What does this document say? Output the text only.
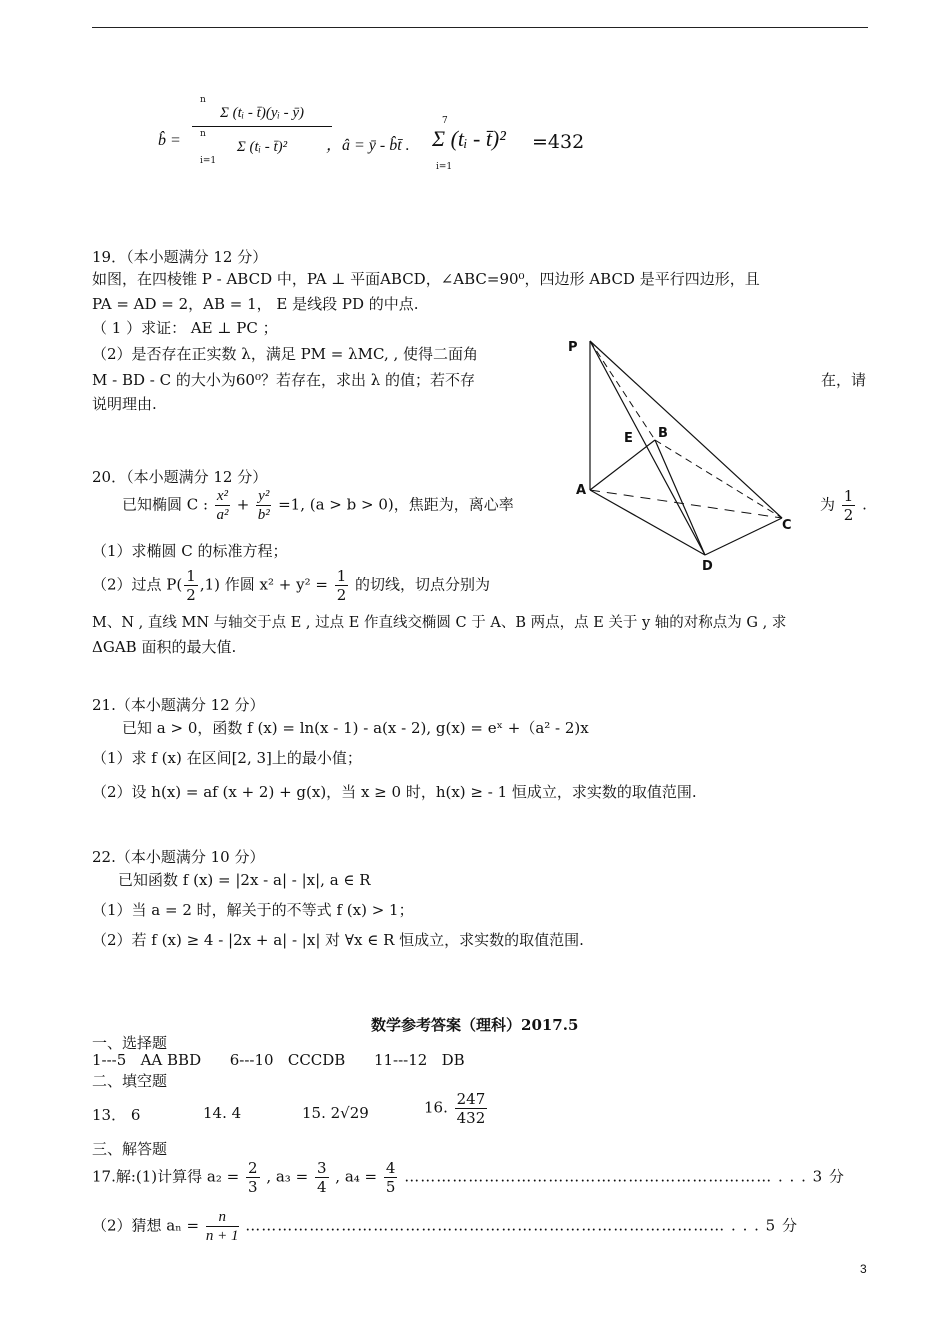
b̂ =
n
Σ (tᵢ - t̄)(yᵢ - ȳ)
n
Σ (tᵢ - t̄)²
i=1
，â = ȳ - b̂t̄ .
7
Σ (tᵢ - t̄)²
i=1
=432
19．（本小题满分 12 分）
如图，在四棱锥 P - ABCD 中，PA ⊥ 平面ABCD，∠ABC=90⁰，四边形 ABCD 是平行四边形，且
PA = AD = 2，AB = 1， E 是线段 PD 的中点.
（ 1 ）求证： AE ⊥ PC ；
（2）是否存在正实数 λ，满足 PM = λMC, , 使得二面角
M - BD - C 的大小为60⁰？若存在，求出 λ 的值；若不存	在，请
说明理由.
P
E B
A
C
D
20．（本小题满分 12 分）
已知椭圆 C : $\frac{\text{x²}}{\text{a²}} + \frac{\text{y²}}{\text{b²}} =1$, (a > b > 0)，焦距为，离心率	为 $\frac{1}{2}$ .
（1）求椭圆 C 的标准方程；
（2）过点 $P( \frac{1}{2} ,1)$ 作圆 $x^2 + y^2 = \frac{1}{2}$ 的切线，切点分别为
M、N , 直线 MN 与轴交于点 E , 过点 E 作直线交椭圆 C 于 A、B 两点，点 E 关于 y 轴的对称点为 G , 求
ΔGAB 面积的最大值.
21.（本小题满分 12 分）
已知 a > 0，函数 f (x) = ln(x - 1) - a(x - 2), g(x) = eˣ +（a² - 2)x
（1）求 f (x) 在区间[2, 3]上的最小值；
（2）设 h(x) = af (x + 2) + g(x)，当 x ≥ 0 时，h(x) ≥ - 1 恒成立，求实数的取值范围.
22.（本小题满分 10 分）
已知函数 f (x) = |2x - a| - |x|, a ∈ R
（1）当 a = 2 时，解关于的不等式 f (x) > 1；
（2）若 f (x) ≥ 4 - |2x + a| - |x| 对 ∀x ∈ R 恒成立，求实数的取值范围.
数学参考答案（理科）2017.5
一、选择题
1---5   AA BBD      6---10   CCCDB      11---12   DB
二、填空题
13． 6	14. 4	15. 2√29	16. $\frac{247}{432}$
三、解答题
17.解:(1)计算得 $a_2 = \frac{2}{3}$ , $a_3 = \frac{3}{4}$ , $a_4 = \frac{4}{5}$ …………………………………………………………… . . . 3 分
（2）猜想 $a_n = \frac{n}{n + 1}$ ……………………………………………………………………………… . . . 5 分
3
